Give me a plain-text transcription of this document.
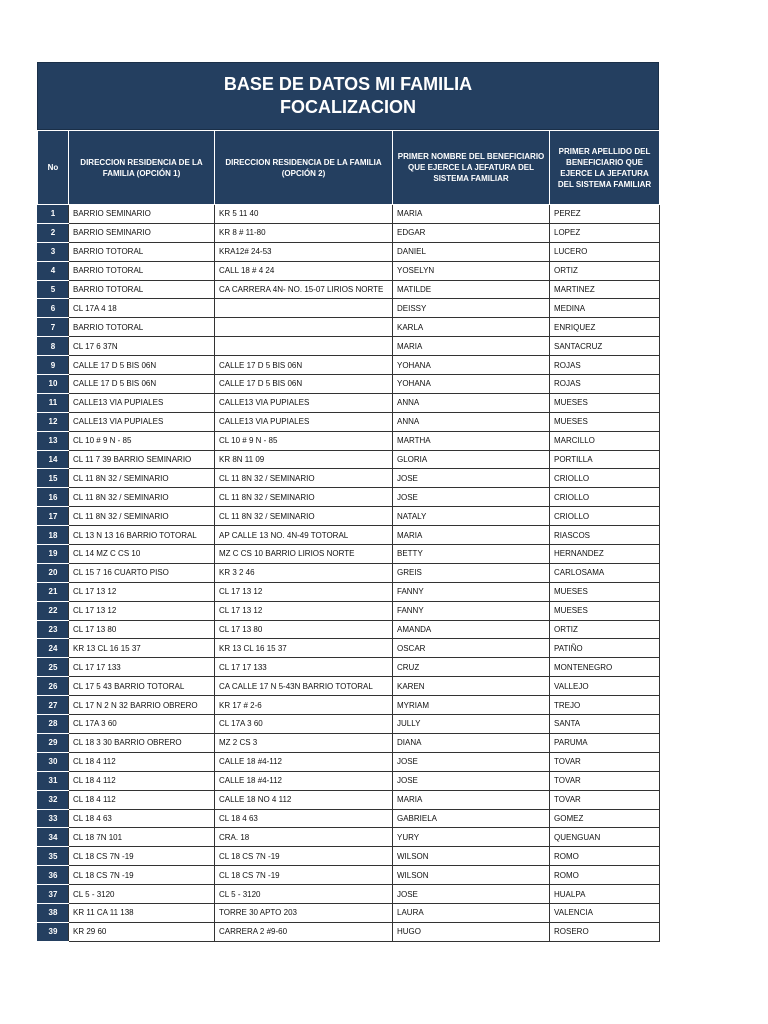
BASE DE DATOS MI FAMILIA
FOCALIZACION
No	DIRECCION RESIDENCIA DE LA FAMILIA (OPCIÓN 1)	DIRECCION RESIDENCIA DE LA FAMILIA (OPCIÓN 2)	PRIMER NOMBRE DEL BENEFICIARIO QUE EJERCE LA JEFATURA DEL SISTEMA FAMILIAR	PRIMER APELLIDO DEL BENEFICIARIO QUE EJERCE LA JEFATURA DEL SISTEMA FAMILIAR
1	BARRIO SEMINARIO	KR 5 11 40	MARIA	PEREZ
2	BARRIO SEMINARIO	KR 8 # 11-80	EDGAR	LOPEZ
3	BARRIO TOTORAL	KRA12# 24-53	DANIEL	LUCERO
4	BARRIO TOTORAL	CALL 18 # 4 24	YOSELYN	ORTIZ
5	BARRIO TOTORAL	CA CARRERA 4N- NO. 15-07 LIRIOS NORTE	MATILDE	MARTINEZ
6	CL 17A 4 18		DEISSY	MEDINA
7	BARRIO TOTORAL		KARLA	ENRIQUEZ
8	CL 17 6 37N		MARIA	SANTACRUZ
9	CALLE 17 D 5 BIS 06N	CALLE 17 D 5 BIS 06N	YOHANA	ROJAS
10	CALLE 17 D 5 BIS 06N	CALLE 17 D 5 BIS 06N	YOHANA	ROJAS
11	CALLE13 VIA PUPIALES	CALLE13 VIA PUPIALES	ANNA	MUESES
12	CALLE13 VIA PUPIALES	CALLE13 VIA PUPIALES	ANNA	MUESES
13	CL 10 # 9 N - 85	CL 10 # 9 N - 85	MARTHA	MARCILLO
14	CL 11 7 39 BARRIO SEMINARIO	KR 8N 11 09	GLORIA	PORTILLA
15	CL 11 8N 32 / SEMINARIO	CL 11 8N 32 / SEMINARIO	JOSE	CRIOLLO
16	CL 11 8N 32 / SEMINARIO	CL 11 8N 32 / SEMINARIO	JOSE	CRIOLLO
17	CL 11 8N 32 / SEMINARIO	CL 11 8N 32 / SEMINARIO	NATALY	CRIOLLO
18	CL 13 N 13 16 BARRIO TOTORAL	AP CALLE 13 NO. 4N-49 TOTORAL	MARIA	RIASCOS
19	CL 14 MZ C CS 10	MZ C CS 10 BARRIO LIRIOS NORTE	BETTY	HERNANDEZ
20	CL 15 7 16 CUARTO PISO	KR 3 2 46	GREIS	CARLOSAMA
21	CL 17 13 12	CL 17 13 12	FANNY	MUESES
22	CL 17 13 12	CL 17 13 12	FANNY	MUESES
23	CL 17 13 80	CL 17 13 80	AMANDA	ORTIZ
24	KR 13 CL 16 15 37	KR 13 CL 16 15 37	OSCAR	PATIÑO
25	CL 17 17 133	CL 17 17 133	CRUZ	MONTENEGRO
26	CL 17 5 43 BARRIO TOTORAL	CA CALLE 17 N 5-43N BARRIO TOTORAL	KAREN	VALLEJO
27	CL 17 N 2 N 32 BARRIO OBRERO	KR 17 # 2-6	MYRIAM	TREJO
28	CL 17A 3 60	CL 17A 3 60	JULLY	SANTA
29	CL 18 3 30 BARRIO OBRERO	MZ 2 CS 3	DIANA	PARUMA
30	CL 18 4 112	CALLE 18 #4-112	JOSE	TOVAR
31	CL 18 4 112	CALLE 18 #4-112	JOSE	TOVAR
32	CL 18 4 112	CALLE 18 NO 4 112	MARIA	TOVAR
33	CL 18 4 63	CL 18 4 63	GABRIELA	GOMEZ
34	CL 18 7N 101	CRA. 18	YURY	QUENGUAN
35	CL 18 CS 7N -19	CL 18 CS 7N -19	WILSON	ROMO
36	CL 18 CS 7N -19	CL 18 CS 7N -19	WILSON	ROMO
37	CL 5 - 3120	CL 5 - 3120	JOSE	HUALPA
38	KR 11 CA 11 138	TORRE 30 APTO 203	LAURA	VALENCIA
39	KR 29 60	CARRERA 2 #9-60	HUGO	ROSERO
